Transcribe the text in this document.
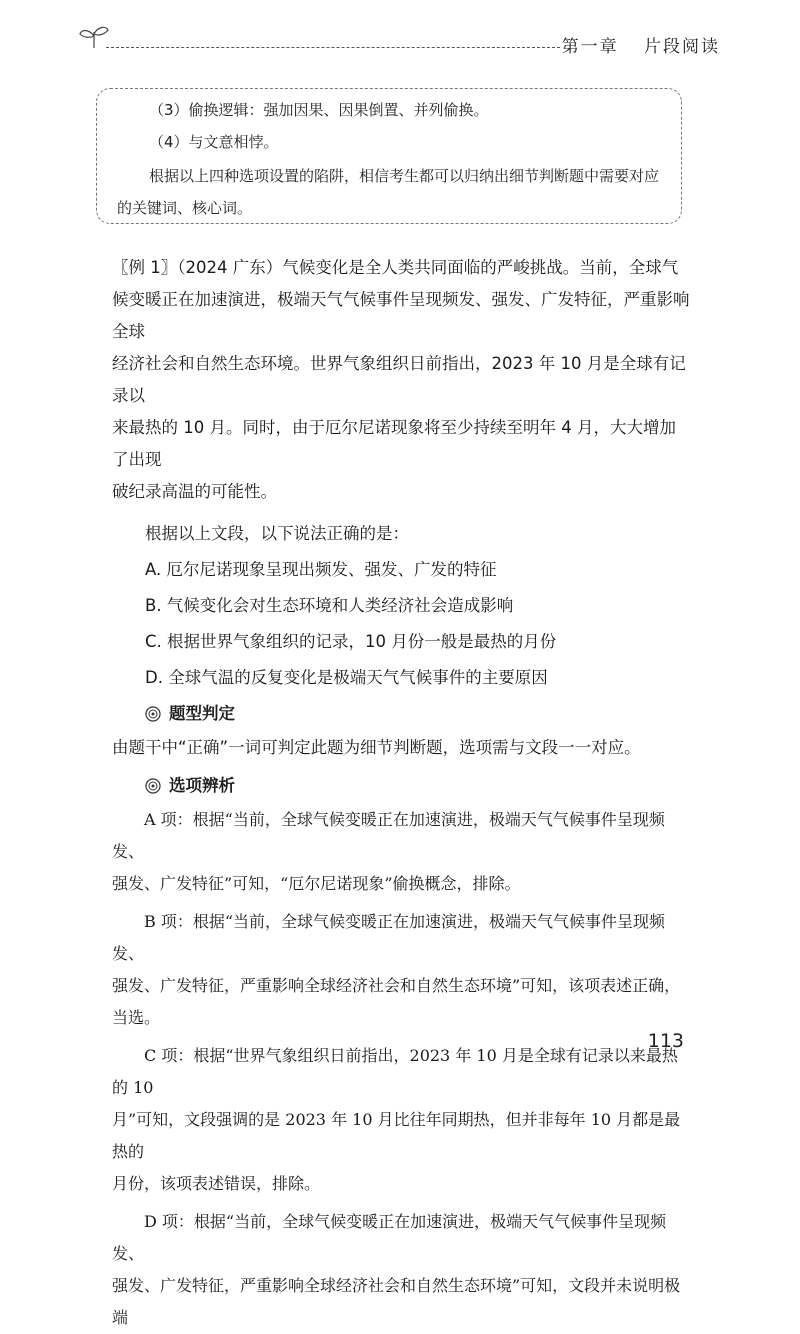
第一章 片段阅读
（3）偷换逻辑：强加因果、因果倒置、并列偷换。
（4）与文意相悖。
根据以上四种选项设置的陷阱，相信考生都可以归纳出细节判断题中需要对应
的关键词、核心词。

〖例 1〗（2024 广东）气候变化是全人类共同面临的严峻挑战。当前，全球气

候变暖正在加速演进，极端天气气候事件呈现频发、强发、广发特征，严重影响全球

经济社会和自然生态环境。世界气象组织日前指出，2023 年 10 月是全球有记录以

来最热的 10 月。同时，由于厄尔尼诺现象将至少持续至明年 4 月，大大增加了出现

破纪录高温的可能性。

根据以上文段，以下说法正确的是：

A. 厄尔尼诺现象呈现出频发、强发、广发的特征

B. 气候变化会对生态环境和人类经济社会造成影响

C. 根据世界气象组织的记录，10 月份一般是最热的月份

D. 全球气温的反复变化是极端天气气候事件的主要原因

题型判定

由题干中“正确”一词可判定此题为细节判断题，选项需与文段一一对应。

选项辨析

A 项：根据“当前，全球气候变暖正在加速演进，极端天气气候事件呈现频发、

强发、广发特征”可知，“厄尔尼诺现象”偷换概念，排除。

B 项：根据“当前，全球气候变暖正在加速演进，极端天气气候事件呈现频发、

强发、广发特征，严重影响全球经济社会和自然生态环境”可知，该项表述正确，当选。

C 项：根据“世界气象组织日前指出，2023 年 10 月是全球有记录以来最热的 10

月”可知，文段强调的是 2023 年 10 月比往年同期热，但并非每年 10 月都是最热的

月份，该项表述错误，排除。

D 项：根据“当前，全球气候变暖正在加速演进，极端天气气候事件呈现频发、

强发、广发特征，严重影响全球经济社会和自然生态环境”可知，文段并未说明极端

113
